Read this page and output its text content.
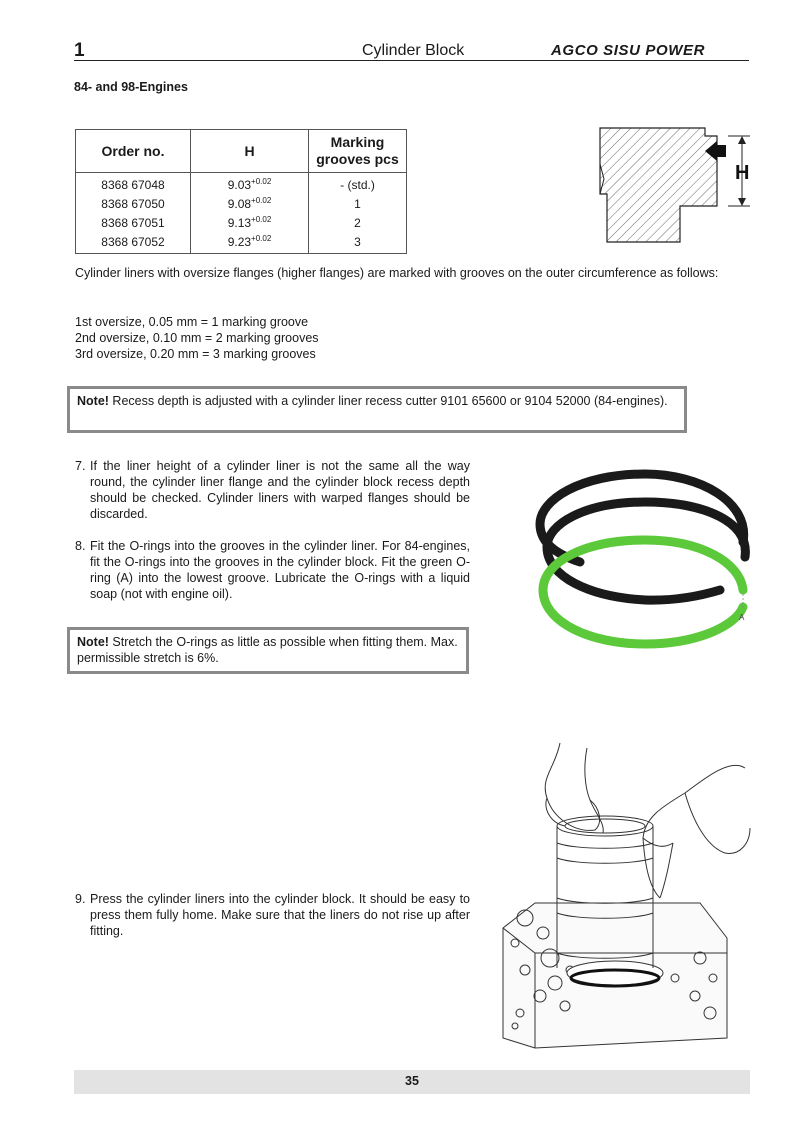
1	Cylinder Block	AGCO SISU POWER
84- and 98-Engines
Order no.	H	Marking grooves pcs
8368 67048	$9.03^{+0.02}$	- (std.)
8368 67050	$9.08^{+0.02}$	1
8368 67051	$9.13^{+0.02}$	2
8368 67052	$9.23^{+0.02}$	3
H
Cylinder liners with oversize flanges (higher flanges) are marked with grooves on the outer circumference as follows:
1st oversize, 0.05 mm = 1 marking groove
2nd oversize, 0.10 mm = 2 marking grooves
3rd oversize, 0.20 mm = 3 marking grooves
Note! Recess depth is adjusted with a cylinder liner recess cutter 9101 65600 or 9104 52000 (84-engines).
7. If the liner height of a cylinder liner is not the same all the way round, the cylinder liner flange and the cylinder block recess depth should be checked. Cylinder liners with warped flanges should be discarded.
8. Fit the O-rings into the grooves in the cylinder liner. For 84-engines, fit the O-rings into the grooves in the cylinder block. Fit the green O-ring (A) into the lowest groove. Lubricate the O-rings with a liquid soap (not with engine oil).
A
Note! Stretch the O-rings as little as possible when fitting them. Max. permissible stretch is 6%.
9. Press the cylinder liners into the cylinder block. It should be easy to press them fully home. Make sure that the liners do not rise up after fitting.
35
